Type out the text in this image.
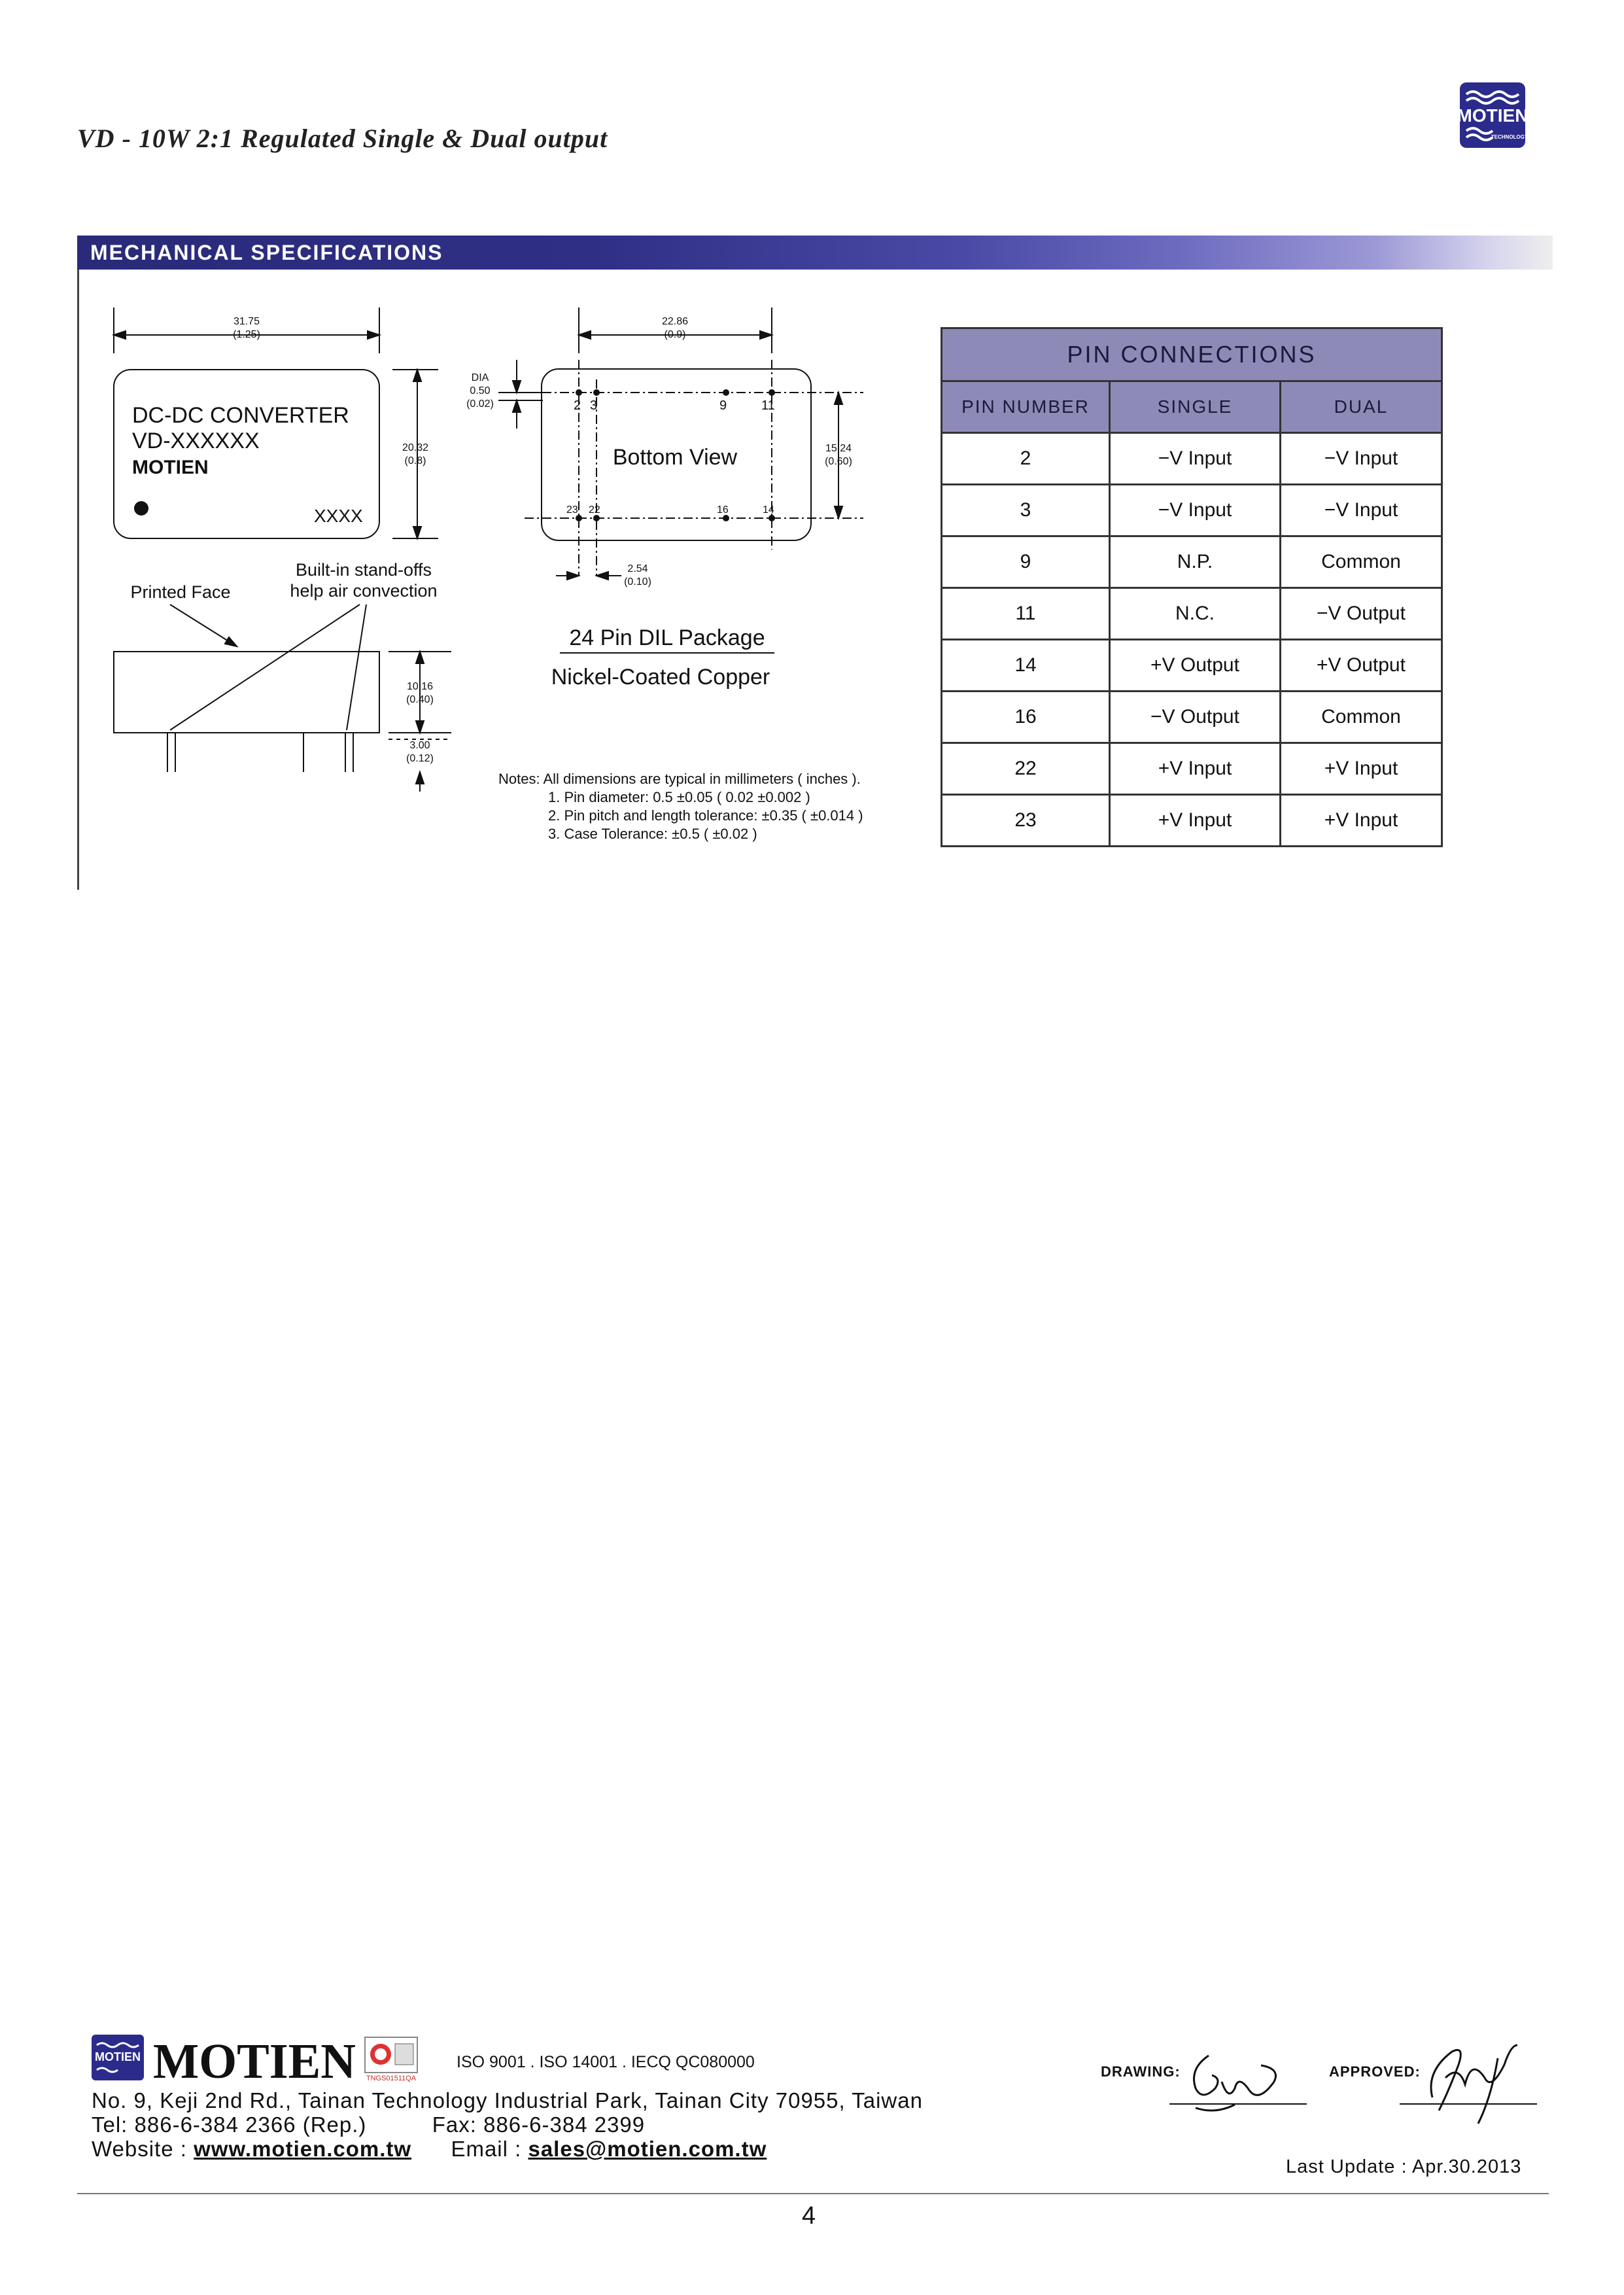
VD - 10W 2:1 Regulated Single & Dual output
MOTIEN
TECHNOLOGY
MECHANICAL SPECIFICATIONS
31.75
(1.25)
DC-DC CONVERTER
VD-XXXXXX
MOTIEN
XXXX
20.32
(0.8)
Printed Face
Built-in stand-offs
help air convection
10.16
(0.40)
3.00
(0.12)
22.86
(0.9)
DIA
0.50
(0.02)
15.24
(0.60)
2.54
(0.10)
Bottom View
2 3	9	11
23 22	16	14
24 Pin DIL Package
Nickel-Coated Copper
Notes: All dimensions are typical in millimeters ( inches ).
1. Pin diameter: 0.5 ±0.05 ( 0.02 ±0.002 )
2. Pin pitch and length tolerance: ±0.35 ( ±0.014 )
3. Case Tolerance: ±0.5 ( ±0.02 )
PIN CONNECTIONS		
PIN NUMBER	SINGLE	DUAL
2	−V Input	−V Input
3	−V Input	−V Input
9	N.P.	Common
11	N.C.	−V Output
14	+V Output	+V Output
16	−V Output	Common
22	+V Input	+V Input
23	+V Input	+V Input
MOTIEN MOTIEN TNGS01511QA
ISO 9001 . ISO 14001 . IECQ QC080000
No. 9, Keji 2nd Rd., Tainan Technology Industrial Park, Tainan City 70955, Taiwan
Tel: 886-6-384 2366 (Rep.)	Fax: 886-6-384 2399
Website : www.motien.com.tw Email : sales@motien.com.tw
DRAWING:	APPROVED:
Last Update : Apr.30.2013
4
